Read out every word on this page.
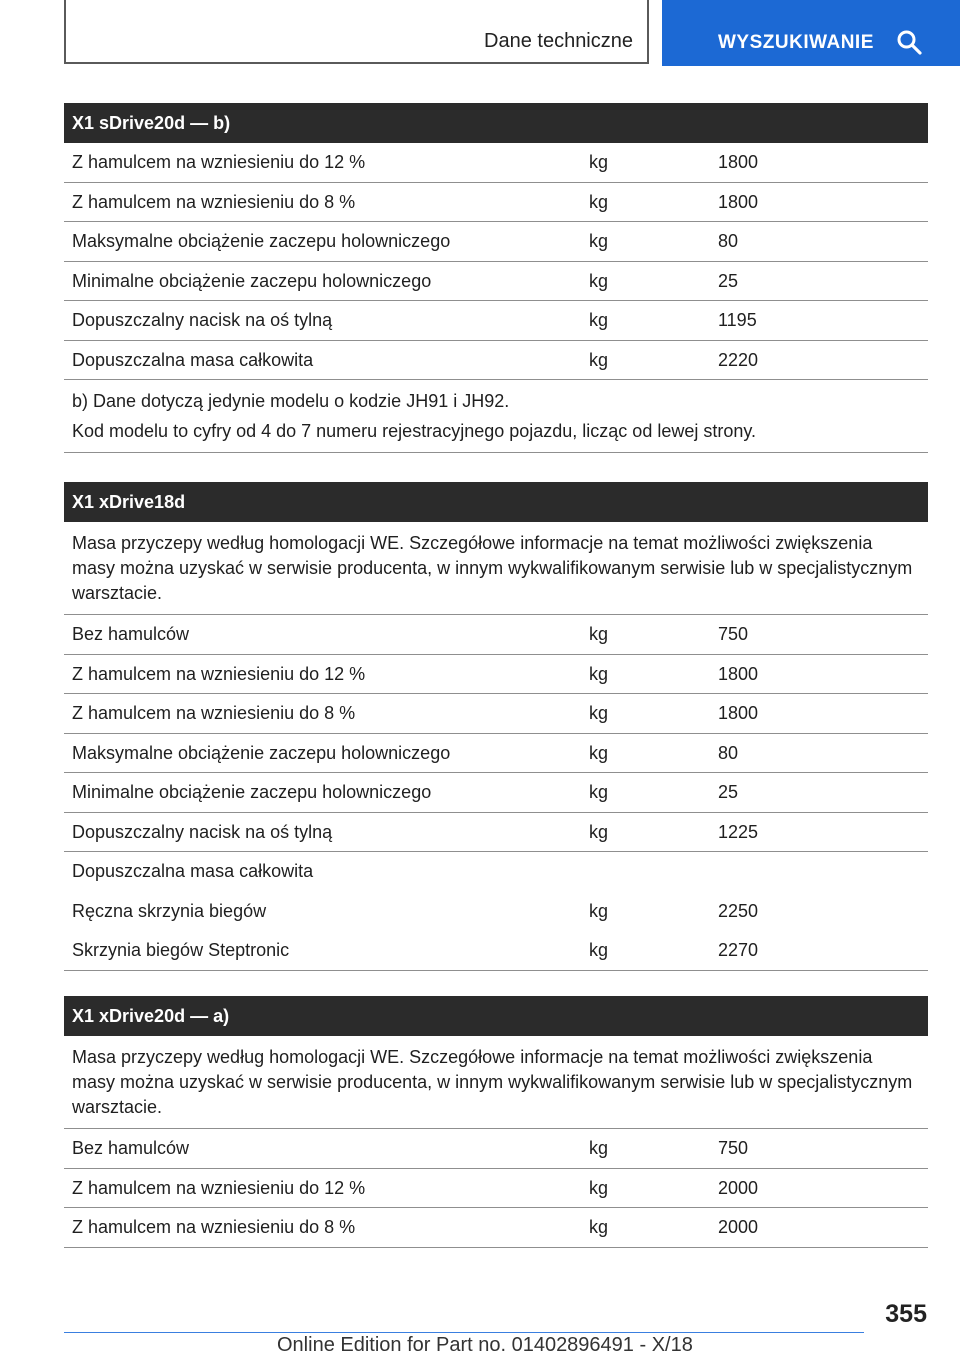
Dane techniczne	WYSZUKIWANIE
X1 sDrive20d — b)
Z hamulcem na wzniesieniu do 12 %	kg	1800
Z hamulcem na wzniesieniu do 8 %	kg	1800
Maksymalne obciążenie zaczepu holowniczego	kg	80
Minimalne obciążenie zaczepu holowniczego	kg	25
Dopuszczalny nacisk na oś tylną	kg	1195
Dopuszczalna masa całkowita	kg	2220

b) Dane dotyczą jedynie modelu o kodzie JH91 i JH92.

Kod modelu to cyfry od 4 do 7 numeru rejestracyjnego pojazdu, licząc od lewej strony.

X1 xDrive18d

Masa przyczepy według homologacji WE. Szczegółowe informacje na temat możliwości zwiększenia masy można uzyskać w serwisie producenta, w innym wykwalifikowanym serwisie lub w specjalistycznym warsztacie.

Bez hamulców	kg	750
Z hamulcem na wzniesieniu do 12 %	kg	1800
Z hamulcem na wzniesieniu do 8 %	kg	1800
Maksymalne obciążenie zaczepu holowniczego	kg	80
Minimalne obciążenie zaczepu holowniczego	kg	25
Dopuszczalny nacisk na oś tylną	kg	1225
Dopuszczalna masa całkowita
Ręczna skrzynia biegów	kg	2250
Skrzynia biegów Steptronic	kg	2270
X1 xDrive20d — a)

Masa przyczepy według homologacji WE. Szczegółowe informacje na temat możliwości zwiększenia masy można uzyskać w serwisie producenta, w innym wykwalifikowanym serwisie lub w specjalistycznym warsztacie.

Bez hamulców	kg	750
Z hamulcem na wzniesieniu do 12 %	kg	2000
Z hamulcem na wzniesieniu do 8 %	kg	2000
355
Online Edition for Part no. 01402896491 - X/18
